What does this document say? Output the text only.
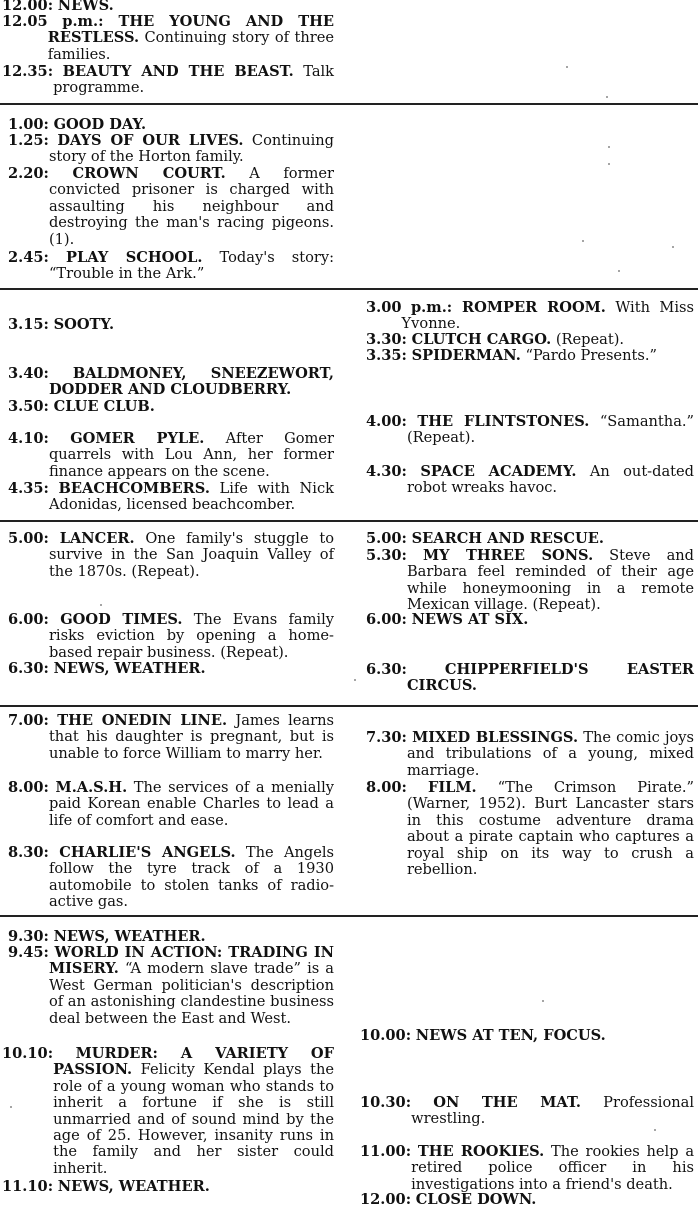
12.00: NEWS.
12.05 p.m.: THE YOUNG AND THE RESTLESS. Continuing story of three families.
12.35: BEAUTY AND THE BEAST. Talk programme.
1.00: GOOD DAY.
1.25: DAYS OF OUR LIVES. Continuing story of the Horton family.
2.20:	CROWN COURT. A former convicted prisoner is charged with assaulting his neighbour and destroying the man's racing pigeons. (1).
2.45:	PLAY SCHOOL. Today's story: “Trouble in the Ark.”
3.15: SOOTY.
3.40:	BALDMONEY, SNEEZEWORT, DODDER AND CLOUDBERRY.
3.50: CLUE CLUB.
4.10:	GOMER PYLE. After Gomer quarrels with Lou Ann, her former finance appears on the scene.
4.35: BEACHCOMBERS. Life with Nick Adonidas, licensed beachcomber.
3.00 p.m.: ROMPER ROOM. With Miss Yvonne.
3.30: CLUTCH CARGO. (Repeat).
3.35: SPIDERMAN. “Pardo Presents.”
4.00: THE FLINTSTONES. “Samantha.” (Repeat).
4.30: SPACE ACADEMY. An out-dated robot wreaks havoc.
5.00: LANCER. One family's stuggle to survive in the San Joaquin Valley of the 1870s. (Repeat).
6.00: GOOD TIMES. The Evans family risks eviction by opening a home-based repair business. (Repeat).
6.30: NEWS, WEATHER.
5.00: SEARCH AND RESCUE.
5.30:	MY THREE SONS. Steve and Barbara feel reminded of their age while honeymooning in a remote Mexican village. (Repeat).
6.00: NEWS AT SIX.
6.30:	CHIPPERFIELD'S EASTER CIRCUS.
7.00: THE ONEDIN LINE. James learns that his daughter is pregnant, but is unable to force William to marry her.
8.00: M.A.S.H. The services of a menially paid Korean enable Charles to lead a life of comfort and ease.
8.30: CHARLIE'S ANGELS. The Angels follow the tyre track of a 1930 automobile to stolen tanks of radio-active gas.
7.30: MIXED BLESSINGS. The comic joys and tribulations of a young, mixed marriage.
8.00:	FILM. “The Crimson Pirate.” (Warner, 1952). Burt Lancaster stars in this costume adventure drama about a pirate captain who captures a royal ship on its way to crush a rebellion.
9.30: NEWS, WEATHER.
9.45: WORLD IN ACTION: TRADING IN MISERY. “A modern slave trade” is a West German politician's description of an astonishing clandestine business deal between the East and West.
10.10:	MURDER: A VARIETY OF PASSION. Felicity Kendal plays the role of a young woman who stands to inherit a fortune if she is still unmarried and of sound mind by the age of 25. However, insanity runs in the family and her sister could inherit.
11.10: NEWS, WEATHER.
10.00: NEWS AT TEN, FOCUS.
10.30:	ON THE MAT. Professional wrestling.
11.00: THE ROOKIES. The rookies help a retired police officer in his investigations into a friend's death.
12.00: CLOSE DOWN.
